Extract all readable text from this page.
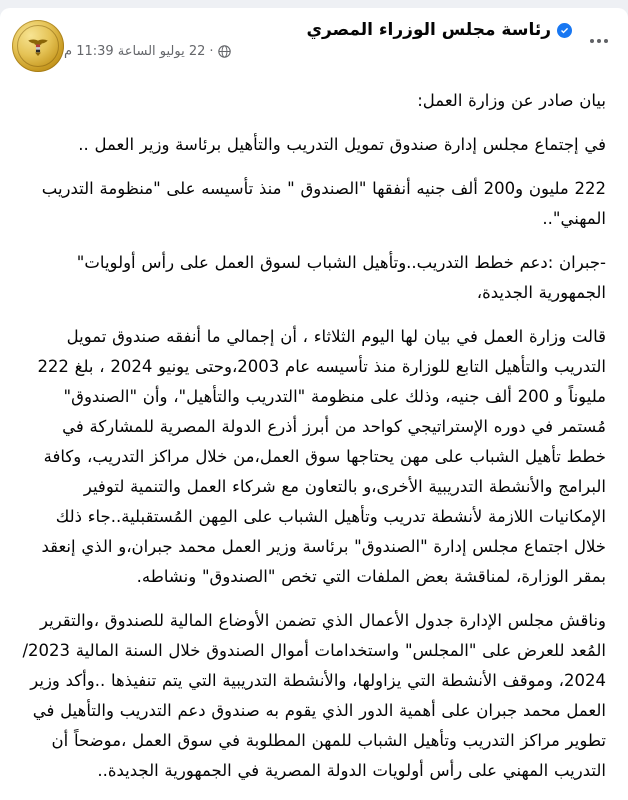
رئاسة مجلس الوزراء المصري
22 يوليو الساعة 11:39 م ·

بيان صادر عن وزارة العمل:

في إجتماع مجلس إدارة صندوق تمويل التدريب والتأهيل برئاسة وزير العمل ..

222 مليون و200 ألف جنيه أنفقها "الصندوق " منذ تأسيسه على "منظومة التدريب المهني"..

-جبران :دعم خطط التدريب..وتأهيل الشباب لسوق العمل على رأس أولويات" الجمهورية الجديدة،

قالت وزارة العمل في بيان لها اليوم الثلاثاء ، أن إجمالي ما أنفقه صندوق تمويل التدريب والتأهيل التابع للوزارة منذ تأسيسه عام 2003،وحتى يونيو 2024 ، بلغ 222 مليوناً و 200 ألف جنيه، وذلك على منظومة "التدريب والتأهيل"، وأن "الصندوق" مُستمر في دوره الإستراتيجي كواحد من أبرز أذرع الدولة المصرية للمشاركة في خطط تأهيل الشباب على مهن يحتاجها سوق العمل،من خلال مراكز التدريب، وكافة البرامج والأنشطة التدريبية الأخرى،و بالتعاون مع شركاء العمل والتنمية لتوفير الإمكانيات اللازمة لأنشطة تدريب وتأهيل الشباب على المِهن المُستقبلية..جاء ذلك خلال اجتماع مجلس إدارة "الصندوق" برئاسة وزير العمل محمد جبران،و الذي إنعقد بمقر الوزارة، لمناقشة بعض الملفات التي تخص "الصندوق" ونشاطه.

وناقش مجلس الإدارة جدول الأعمال الذي تضمن الأوضاع المالية للصندوق ،والتقرير المُعد للعرض على "المجلس" واستخدامات أموال الصندوق خلال السنة المالية 2023/ 2024، وموقف الأنشطة التي يزاولها، والأنشطة التدريبية التي يتم تنفيذها ..وأكد وزير العمل محمد جبران على أهمية الدور الذي يقوم به صندوق دعم التدريب والتأهيل في تطوير مراكز التدريب وتأهيل الشباب للمهن المطلوبة في سوق العمل ،موضحاً أن التدريب المهني على رأس أولويات الدولة المصرية في الجمهورية الجديدة..
